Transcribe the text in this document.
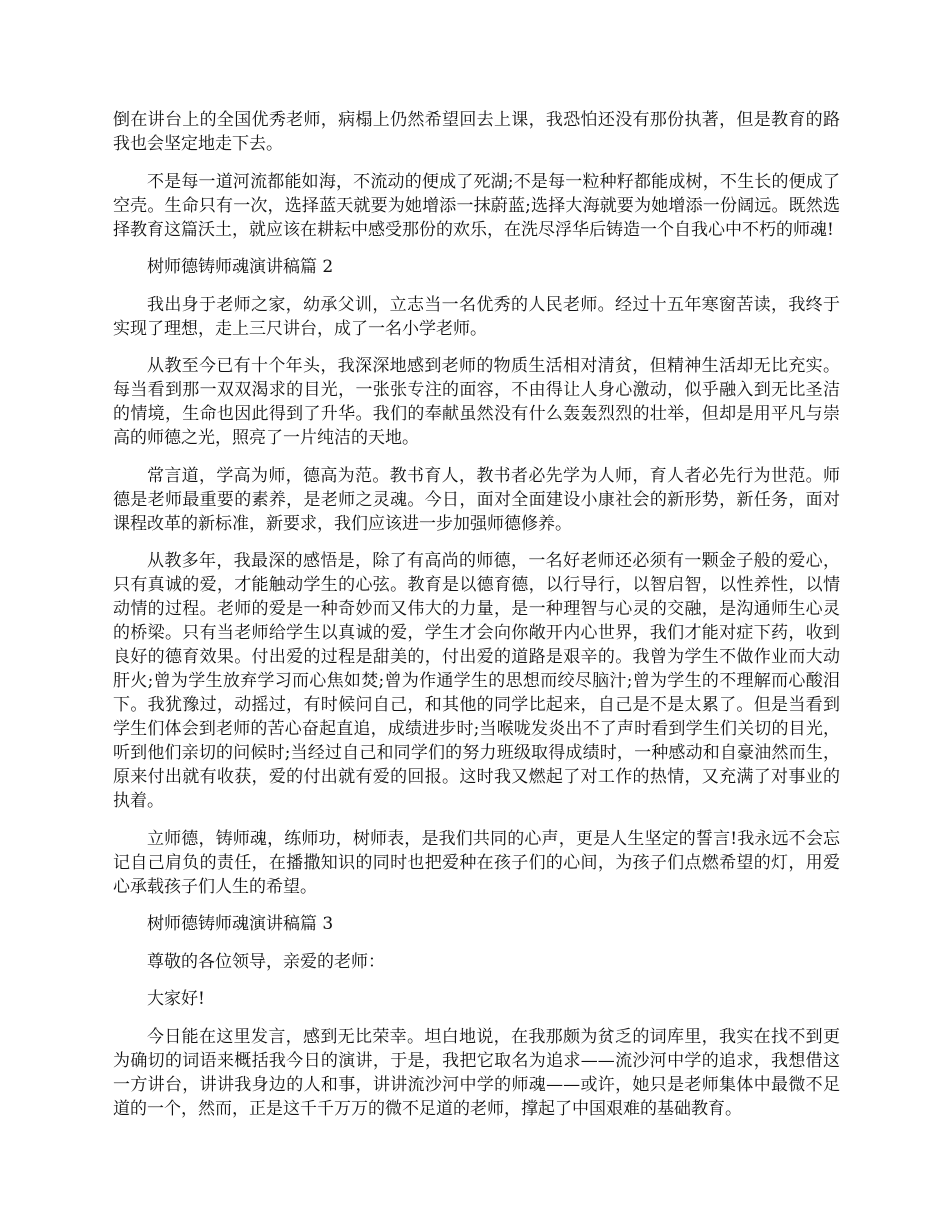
倒在讲台上的全国优秀老师，病榻上仍然希望回去上课，我恐怕还没有那份执著，但是教育的路我也会坚定地走下去。

不是每一道河流都能如海，不流动的便成了死湖;不是每一粒种籽都能成树，不生长的便成了空壳。生命只有一次，选择蓝天就要为她增添一抹蔚蓝;选择大海就要为她增添一份阔远。既然选择教育这篇沃土，就应该在耕耘中感受那份的欢乐，在洗尽浮华后铸造一个自我心中不朽的师魂!

树师德铸师魂演讲稿篇 2

我出身于老师之家，幼承父训，立志当一名优秀的人民老师。经过十五年寒窗苦读，我终于实现了理想，走上三尺讲台，成了一名小学老师。

从教至今已有十个年头，我深深地感到老师的物质生活相对清贫，但精神生活却无比充实。每当看到那一双双渴求的目光，一张张专注的面容，不由得让人身心激动，似乎融入到无比圣洁的情境，生命也因此得到了升华。我们的奉献虽然没有什么轰轰烈烈的壮举，但却是用平凡与崇高的师德之光，照亮了一片纯洁的天地。

常言道，学高为师，德高为范。教书育人，教书者必先学为人师，育人者必先行为世范。师德是老师最重要的素养，是老师之灵魂。今日，面对全面建设小康社会的新形势，新任务，面对课程改革的新标准，新要求，我们应该进一步加强师德修养。

从教多年，我最深的感悟是，除了有高尚的师德，一名好老师还必须有一颗金子般的爱心，只有真诚的爱，才能触动学生的心弦。教育是以德育德，以行导行，以智启智，以性养性，以情动情的过程。老师的爱是一种奇妙而又伟大的力量，是一种理智与心灵的交融，是沟通师生心灵的桥梁。只有当老师给学生以真诚的爱，学生才会向你敞开内心世界，我们才能对症下药，收到良好的德育效果。付出爱的过程是甜美的，付出爱的道路是艰辛的。我曾为学生不做作业而大动肝火;曾为学生放弃学习而心焦如焚;曾为作通学生的思想而绞尽脑汁;曾为学生的不理解而心酸泪下。我犹豫过，动摇过，有时候问自己，和其他的同学比起来，自己是不是太累了。但是当看到学生们体会到老师的苦心奋起直追，成绩进步时;当喉咙发炎出不了声时看到学生们关切的目光，听到他们亲切的问候时;当经过自己和同学们的努力班级取得成绩时，一种感动和自豪油然而生，原来付出就有收获，爱的付出就有爱的回报。这时我又燃起了对工作的热情，又充满了对事业的执着。

立师德，铸师魂，练师功，树师表，是我们共同的心声，更是人生坚定的誓言!我永远不会忘记自己肩负的责任，在播撒知识的同时也把爱种在孩子们的心间，为孩子们点燃希望的灯，用爱心承载孩子们人生的希望。

树师德铸师魂演讲稿篇 3

尊敬的各位领导，亲爱的老师：

大家好!

今日能在这里发言，感到无比荣幸。坦白地说，在我那颇为贫乏的词库里，我实在找不到更为确切的词语来概括我今日的演讲，于是，我把它取名为追求——流沙河中学的追求，我想借这一方讲台，讲讲我身边的人和事，讲讲流沙河中学的师魂——或许，她只是老师集体中最微不足道的一个，然而，正是这千千万万的微不足道的老师，撑起了中国艰难的基础教育。
